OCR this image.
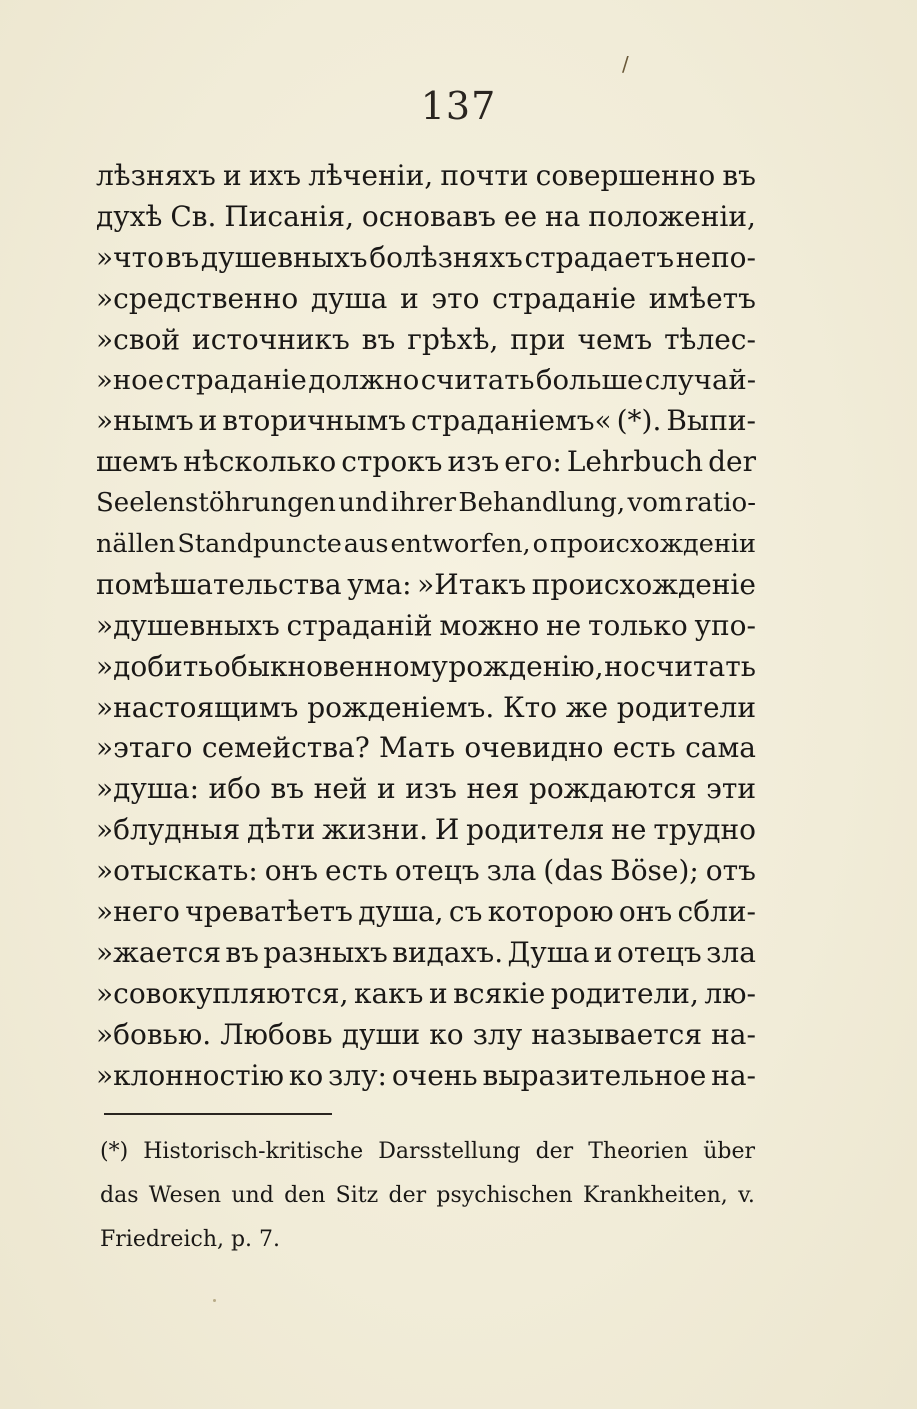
/
137
лѣзняхъ и ихъ лѣченіи, почти совершенно въ
духѣ Св. Писанія, основавъ ее на положеніи,
»что въ душевныхъ болѣзняхъ страдаетъ непо-
»средственно душа и это страданіе имѣетъ
»свой источникъ въ грѣхѣ, при чемъ тѣлес-
»ное страданіе должно считать больше случай-
»нымъ и вторичнымъ страданіемъ« (*). Выпи-
шемъ нѣсколько строкъ изъ его: Lehrbuch der
Seelenstöhrungen und ihrer Behandlung, vom ratio-
nällen Standpuncte aus entworfen, о происхожденіи
помѣшательства ума: »Итакъ происхожденіе
»душевныхъ страданій можно не только упо-
»добить обыкновенному рожденію, но считать
»настоящимъ рожденіемъ. Кто же родители
»этаго семейства? Мать очевидно есть сама
»душа: ибо въ ней и изъ нея рождаются эти
»блудныя дѣти жизни. И родителя не трудно
»отыскать: онъ есть отецъ зла (das Böse); отъ
»него чреватѣетъ душа, съ которою онъ сбли-
»жается въ разныхъ видахъ. Душа и отецъ зла
»совокупляются, какъ и всякіе родители, лю-
»бовью. Любовь души ко злу называется на-
»клонностію ко злу: очень выразительное на-
(*) Historisch-kritische Darsstellung der Theorien über
das Wesen und den Sitz der psychischen Krankheiten, v.
Friedreich, p. 7.
